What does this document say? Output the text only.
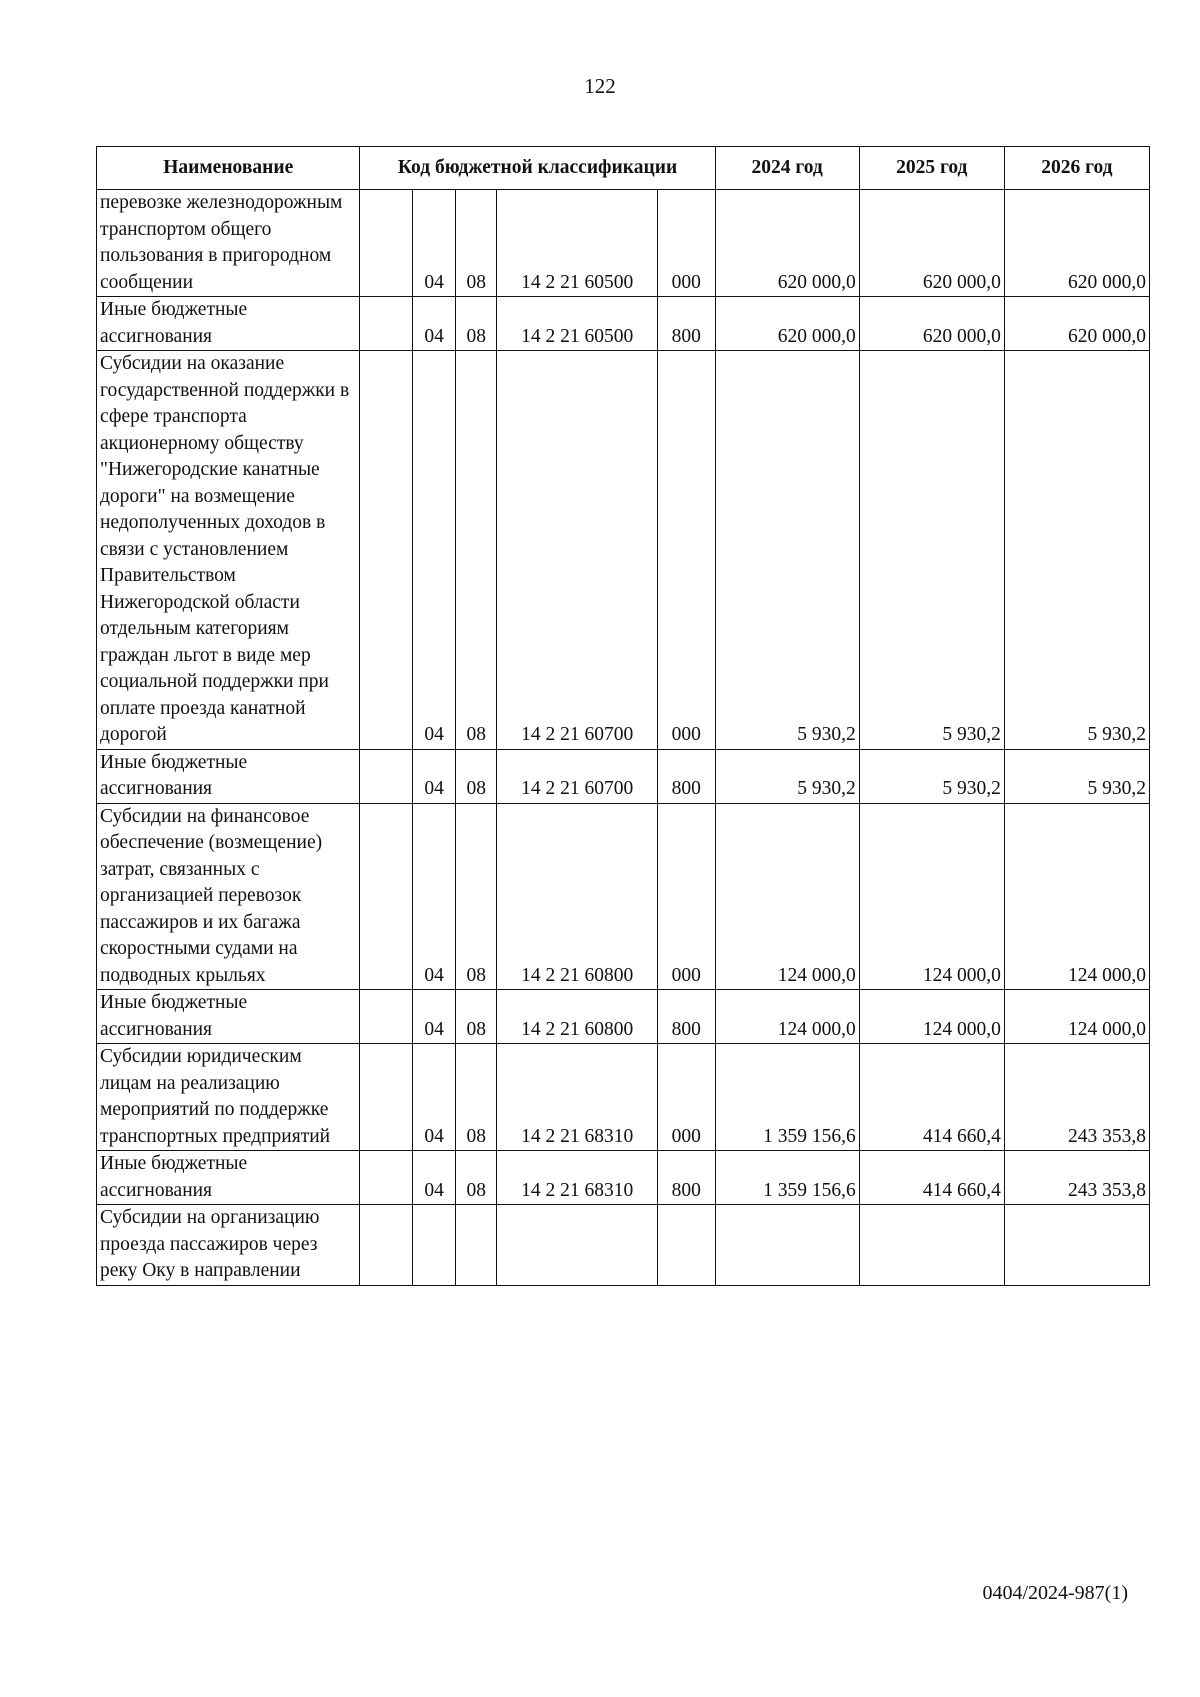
122
Наименование	Код бюджетной классификации					2024 год	2025 год	2026 год
перевозке железнодорожным транспортом общего пользования в пригородном сообщении		04	08	14 2 21 60500	000	620 000,0	620 000,0	620 000,0
Иные бюджетные ассигнования		04	08	14 2 21 60500	800	620 000,0	620 000,0	620 000,0
Субсидии на оказание государственной поддержки в сфере транспорта акционерному обществу "Нижегородские канатные дороги" на возмещение недополученных доходов в связи с установлением Правительством Нижегородской области отдельным категориям граждан льгот в виде мер социальной поддержки при оплате проезда канатной дорогой		04	08	14 2 21 60700	000	5 930,2	5 930,2	5 930,2
Иные бюджетные ассигнования		04	08	14 2 21 60700	800	5 930,2	5 930,2	5 930,2
Субсидии на финансовое обеспечение (возмещение) затрат, связанных с организацией перевозок пассажиров и их багажа скоростными судами на подводных крыльях		04	08	14 2 21 60800	000	124 000,0	124 000,0	124 000,0
Иные бюджетные ассигнования		04	08	14 2 21 60800	800	124 000,0	124 000,0	124 000,0
Субсидии юридическим лицам на реализацию мероприятий по поддержке транспортных предприятий		04	08	14 2 21 68310	000	1 359 156,6	414 660,4	243 353,8
Иные бюджетные ассигнования		04	08	14 2 21 68310	800	1 359 156,6	414 660,4	243 353,8
Субсидии на организацию проезда пассажиров через реку Оку в направлении								
0404/2024-987(1)
